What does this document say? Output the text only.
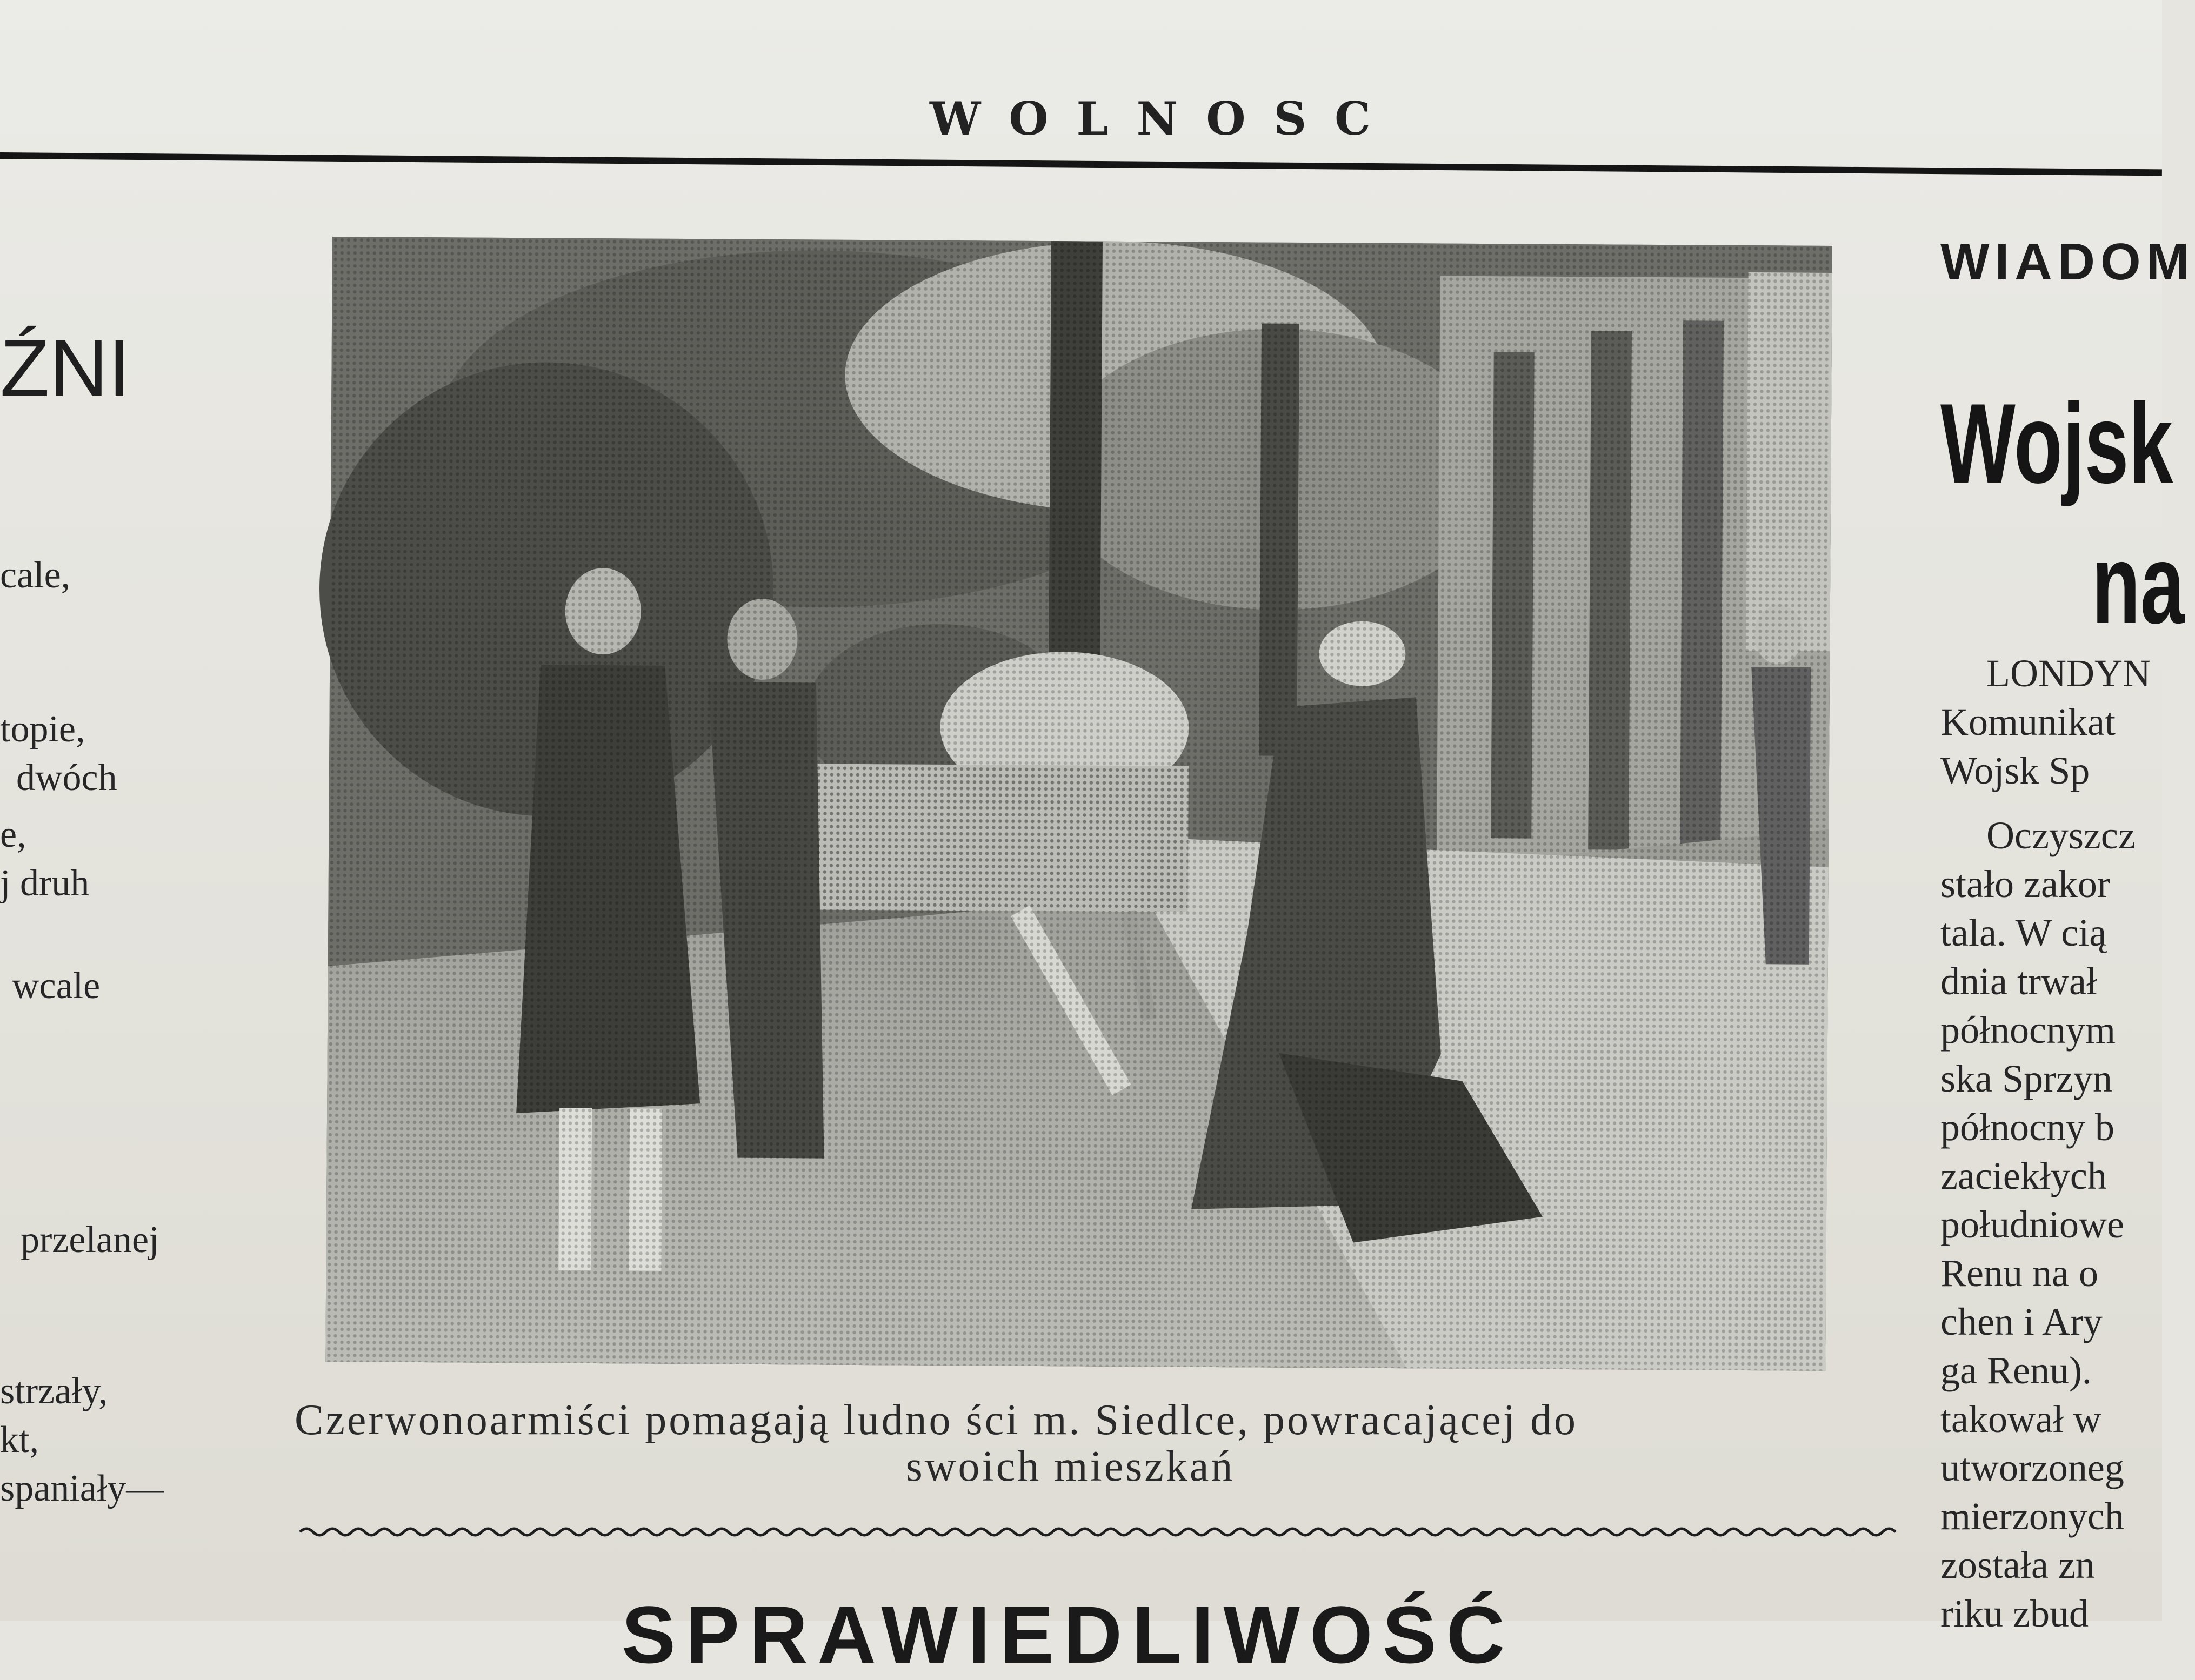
WOLNOSC
ŹNI
cale,
topie,
dwóch
e,
j druh
wcale
przelanej
strzały,
kt,
spaniały—
Czerwonoarmiści pomagają ludno ści m. Siedlce, powracającej do

swoich mieszkań
SPRAWIEDLIWOŚĆ
WIADOM
Wojsk
na
LONDYN
Komunikat
Wojsk Sp
Oczyszcz
stało zakor
tala. W cią
dnia trwał
północnym
ska Sprzyn
północny b
zaciekłych
południowe
Renu na o
chen i Ary
ga Renu).
takował w
utworzoneg
mierzonych
została zn
riku zbud
